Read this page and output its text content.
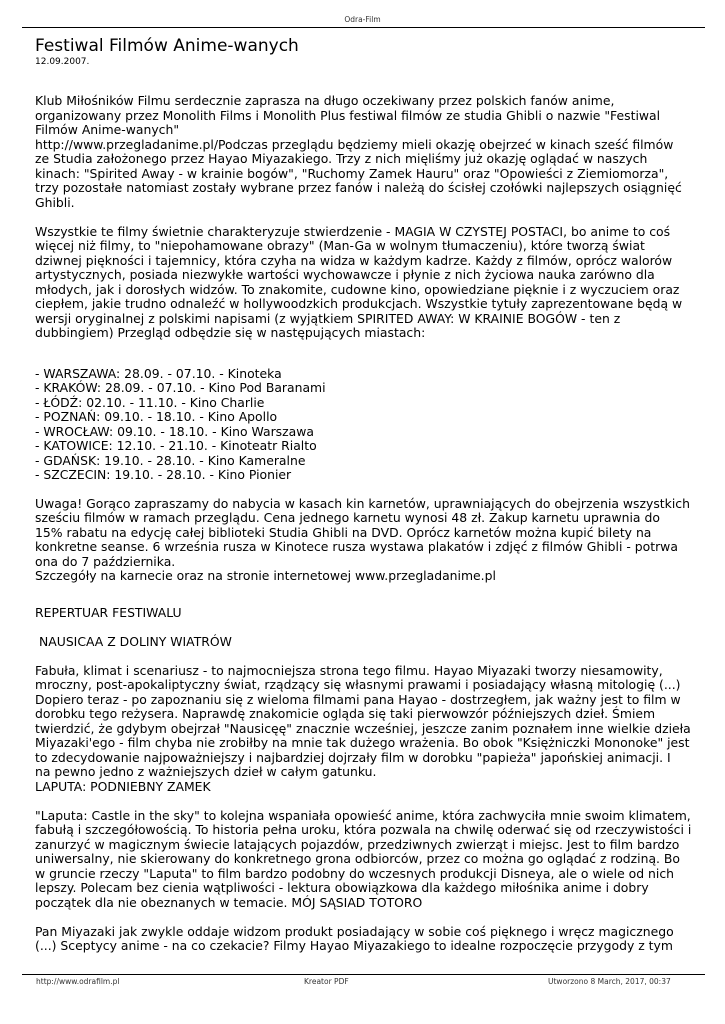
Odra-Film
Festiwal Filmów Anime-wanych

12.09.2007.

Klub Miłośników Filmu serdecznie zaprasza na długo oczekiwany przez polskich fanów anime,
organizowany przez Monolith Films i Monolith Plus festiwal filmów ze studia Ghibli o nazwie "Festiwal
Filmów Anime-wanych"
http://www.przegladanime.pl/Podczas przeglądu będziemy mieli okazję obejrzeć w kinach sześć filmów
ze Studia założonego przez Hayao Miyazakiego. Trzy z nich mięliśmy już okazję oglądać w naszych
kinach: "Spirited Away - w krainie bogów", "Ruchomy Zamek Hauru" oraz "Opowieści z Ziemiomorza",
trzy pozostałe natomiast zostały wybrane przez fanów i należą do ścisłej czołówki najlepszych osiągnięć
Ghibli.

Wszystkie te filmy świetnie charakteryzuje stwierdzenie - MAGIA W CZYSTEJ POSTACI, bo anime to coś
więcej niż filmy, to "niepohamowane obrazy" (Man-Ga w wolnym tłumaczeniu), które tworzą świat
dziwnej piękności i tajemnicy, która czyha na widza w każdym kadrze. Każdy z filmów, oprócz walorów
artystycznych, posiada niezwykłe wartości wychowawcze i płynie z nich życiowa nauka zarówno dla
młodych, jak i dorosłych widzów. To znakomite, cudowne kino, opowiedziane pięknie i z wyczuciem oraz
ciepłem, jakie trudno odnaleźć w hollywoodzkich produkcjach. Wszystkie tytuły zaprezentowane będą w
wersji oryginalnej z polskimi napisami (z wyjątkiem SPIRITED AWAY: W KRAINIE BOGÓW - ten z
dubbingiem) Przegląd odbędzie się w następujących miastach:

- WARSZAWA: 28.09. - 07.10. - Kinoteka
- KRAKÓW: 28.09. - 07.10. - Kino Pod Baranami
- ŁÓDŹ: 02.10. - 11.10. - Kino Charlie
- POZNAŃ: 09.10. - 18.10. - Kino Apollo
- WROCŁAW: 09.10. - 18.10. - Kino Warszawa
- KATOWICE: 12.10. - 21.10. - Kinoteatr Rialto
- GDAŃSK: 19.10. - 28.10. - Kino Kameralne
- SZCZECIN: 19.10. - 28.10. - Kino Pionier

Uwaga! Gorąco zapraszamy do nabycia w kasach kin karnetów, uprawniających do obejrzenia wszystkich
sześciu filmów w ramach przeglądu. Cena jednego karnetu wynosi 48 zł. Zakup karnetu uprawnia do
15% rabatu na edycję całej biblioteki Studia Ghibli na DVD. Oprócz karnetów można kupić bilety na
konkretne seanse. 6 września rusza w Kinotece rusza wystawa plakatów i zdjęć z filmów Ghibli - potrwa
ona do 7 października.
Szczegóły na karnecie oraz na stronie internetowej www.przegladanime.pl

REPERTUAR FESTIWALU

NAUSICAA Z DOLINY WIATRÓW

Fabuła, klimat i scenariusz - to najmocniejsza strona tego filmu. Hayao Miyazaki tworzy niesamowity,
mroczny, post-apokaliptyczny świat, rządzący się własnymi prawami i posiadający własną mitologię (...)
Dopiero teraz - po zapoznaniu się z wieloma filmami pana Hayao - dostrzegłem, jak ważny jest to film w
dorobku tego reżysera. Naprawdę znakomicie ogląda się taki pierwowzór późniejszych dzieł. Śmiem
twierdzić, że gdybym obejrzał "Nausicęę" znacznie wcześniej, jeszcze zanim poznałem inne wielkie dzieła
Miyazaki'ego - film chyba nie zrobiłby na mnie tak dużego wrażenia. Bo obok "Księżniczki Mononoke" jest
to zdecydowanie najpoważniejszy i najbardziej dojrzały film w dorobku "papieża" japońskiej animacji. I
na pewno jedno z ważniejszych dzieł w całym gatunku.
LAPUTA: PODNIEBNY ZAMEK

"Laputa: Castle in the sky" to kolejna wspaniała opowieść anime, która zachwyciła mnie swoim klimatem,
fabułą i szczegółowością. To historia pełna uroku, która pozwala na chwilę oderwać się od rzeczywistości i
zanurzyć w magicznym świecie latających pojazdów, przedziwnych zwierząt i miejsc. Jest to film bardzo
uniwersalny, nie skierowany do konkretnego grona odbiorców, przez co można go oglądać z rodziną. Bo
w gruncie rzeczy "Laputa" to film bardzo podobny do wczesnych produkcji Disneya, ale o wiele od nich
lepszy. Polecam bez cienia wątpliwości - lektura obowiązkowa dla każdego miłośnika anime i dobry
początek dla nie obeznanych w temacie. MÓJ SĄSIAD TOTORO

Pan Miyazaki jak zwykle oddaje widzom produkt posiadający w sobie coś pięknego i wręcz magicznego
(...) Sceptycy anime - na co czekacie? Filmy Hayao Miyazakiego to idealne rozpoczęcie przygody z tym

http://www.odrafilm.pl	Kreator PDF	Utworzono 8 March, 2017, 00:37
